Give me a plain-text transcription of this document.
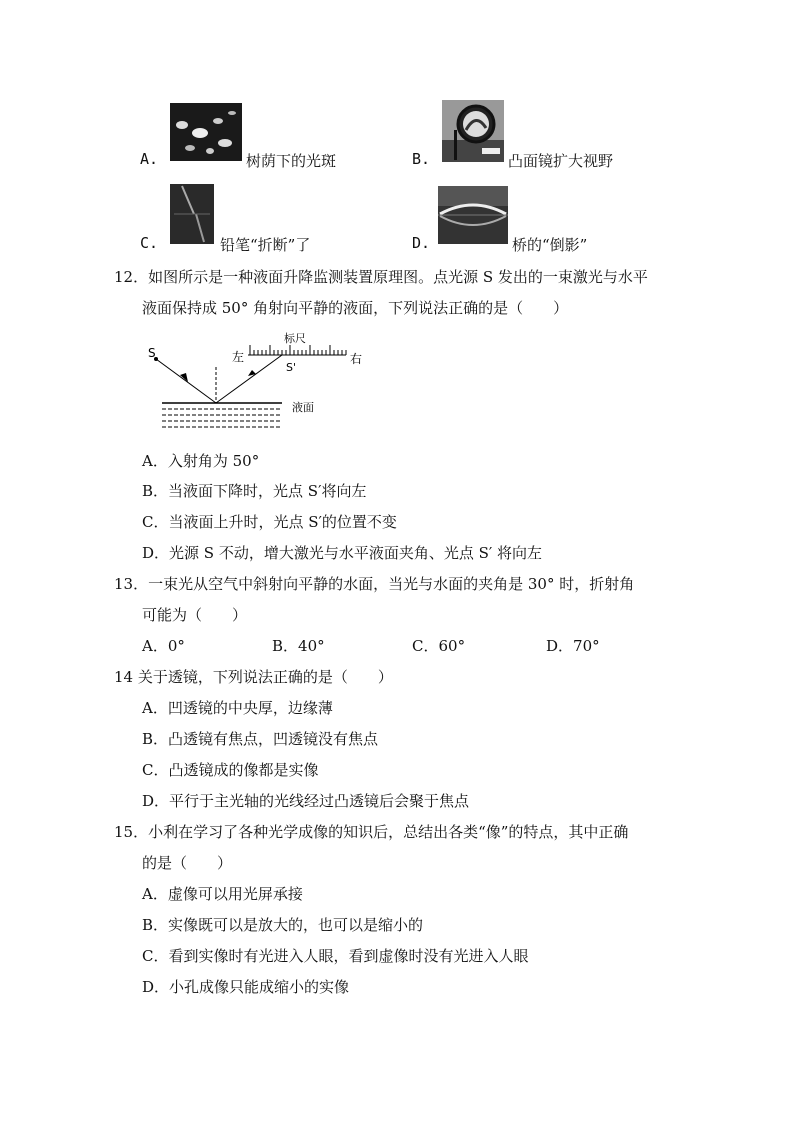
A.	树荫下的光斑	B.	凸面镜扩大视野
C.	铅笔“折断”了	D.	桥的“倒影”
12．如图所示是一种液面升降监测装置原理图。点光源 S 发出的一束激光与水平
液面保持成 50° 角射向平静的液面，下列说法正确的是（　　）
S	左
标尺
右
S'
液面
A．入射角为 50°
B．当液面下降时，光点 S′将向左
C．当液面上升时，光点 S′的位置不变
D．光源 S 不动，增大激光与水平液面夹角、光点 S′ 将向左
13．一束光从空气中斜射向平静的水面，当光与水面的夹角是 30° 时，折射角
可能为（　　）
A．0°	B．40°	C．60°	D．70°
14 关于透镜，下列说法正确的是（　　）
A．凹透镜的中央厚，边缘薄
B．凸透镜有焦点，凹透镜没有焦点
C．凸透镜成的像都是实像
D．平行于主光轴的光线经过凸透镜后会聚于焦点
15．小利在学习了各种光学成像的知识后，总结出各类“像”的特点，其中正确
的是（　　）
A．虚像可以用光屏承接
B．实像既可以是放大的，也可以是缩小的
C．看到实像时有光进入人眼，看到虚像时没有光进入人眼
D．小孔成像只能成缩小的实像
